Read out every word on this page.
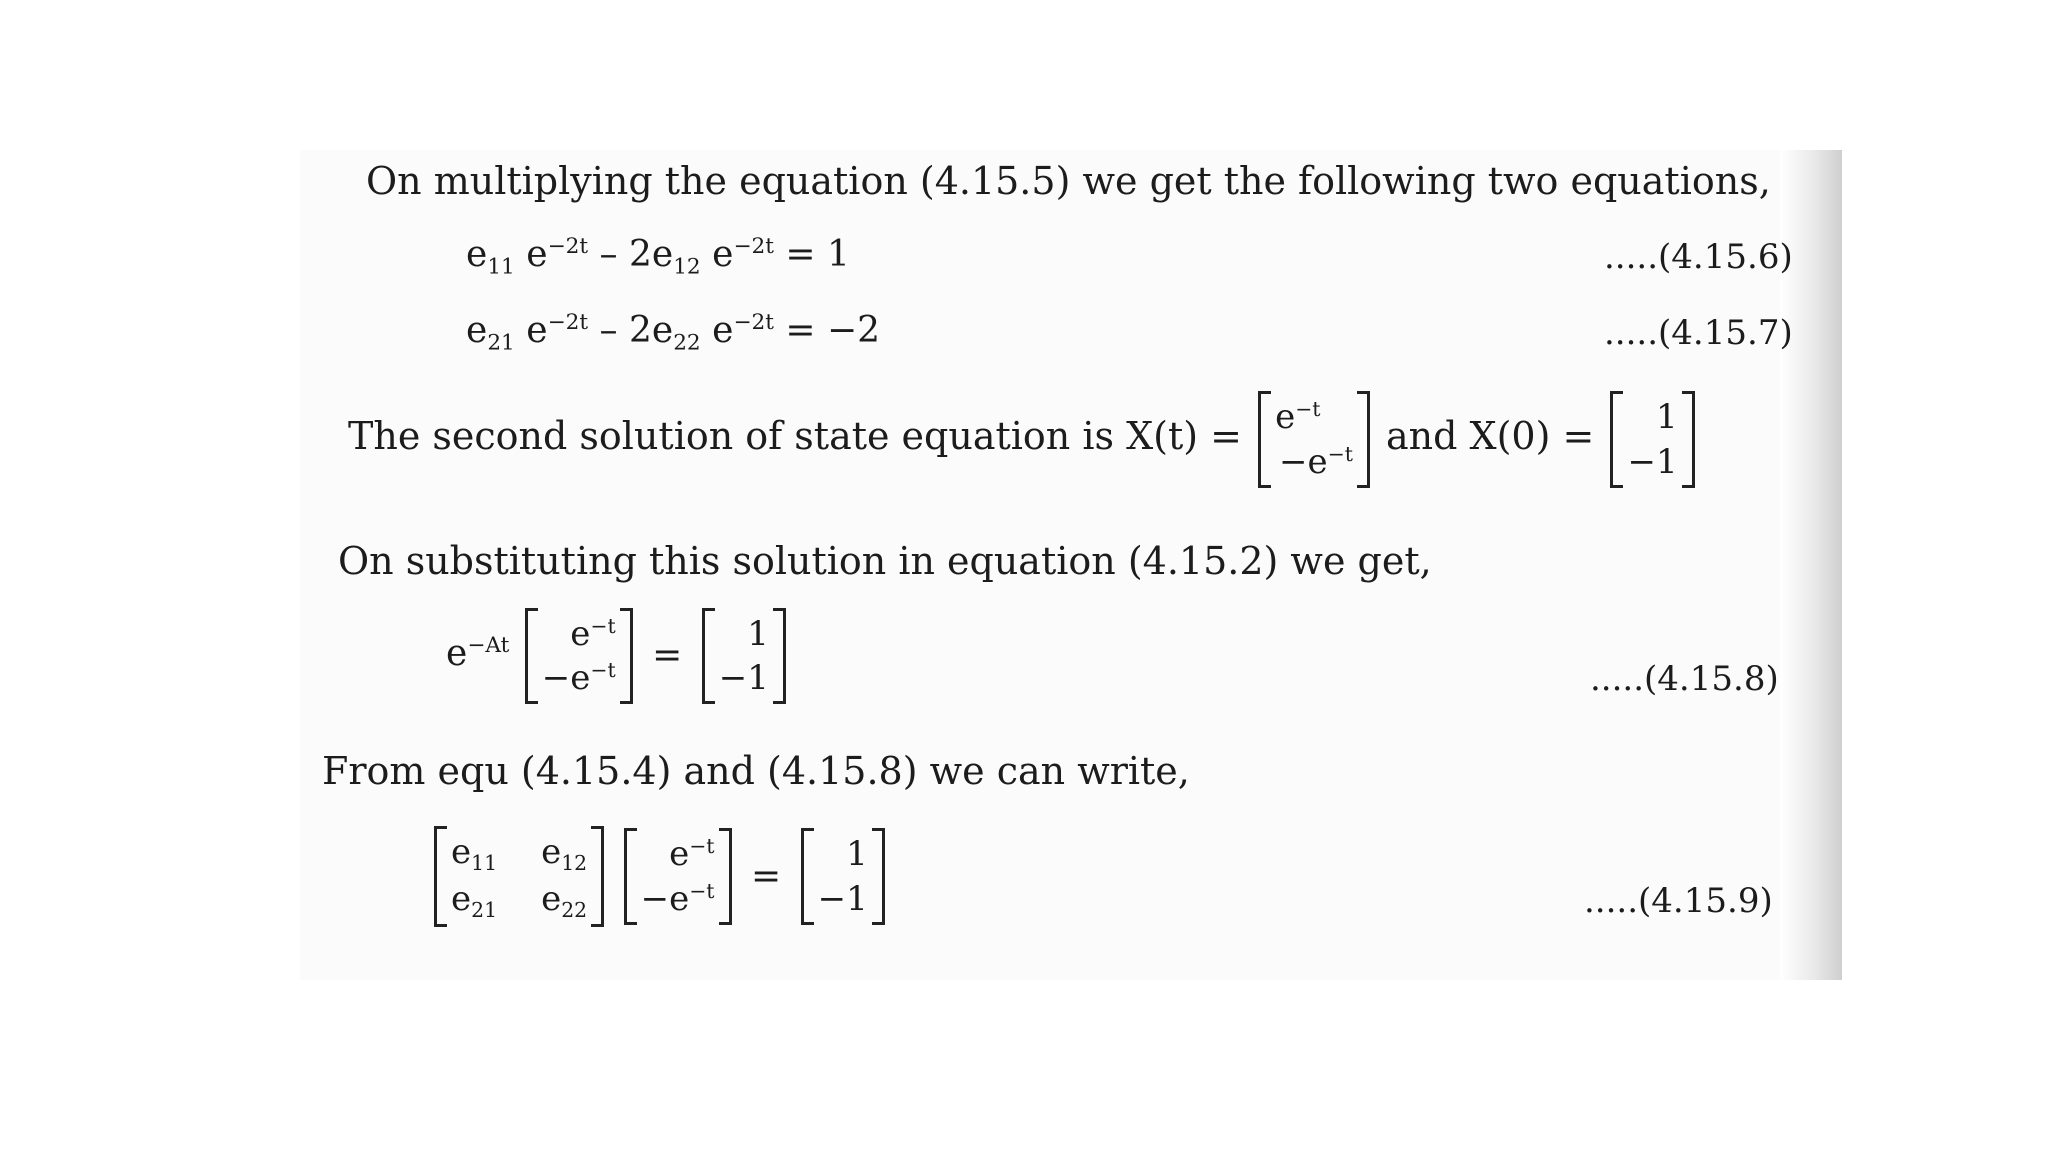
On multiplying the equation (4.15.5) we get the following two equations,
$e_{11}$ $e^{-2t} - 2e_{12}$ $e^{-2t} = 1$	.....(4.15.6)
$e_{21}$ $e^{-2t} - 2e_{22}$ $e^{-2t} = -2$	.....(4.15.7)
The second solution of state equation is $X(t) = e^{-t}$
$-e^{-t}$ and X(0) =	1
−1
On substituting this solution in equation (4.15.2) we get,
$e^{-At}$	$e^{-t}$
$-e^{-t}$ =
1
−1	.....(4.15.8)
From equ (4.15.4) and (4.15.8) we can write,
$e_{11}$ $e_{12}$
$e_{21}$ $e_{22}$

$e^{-t}$
$-e^{-t}$ =
1
−1	.....(4.15.9)
